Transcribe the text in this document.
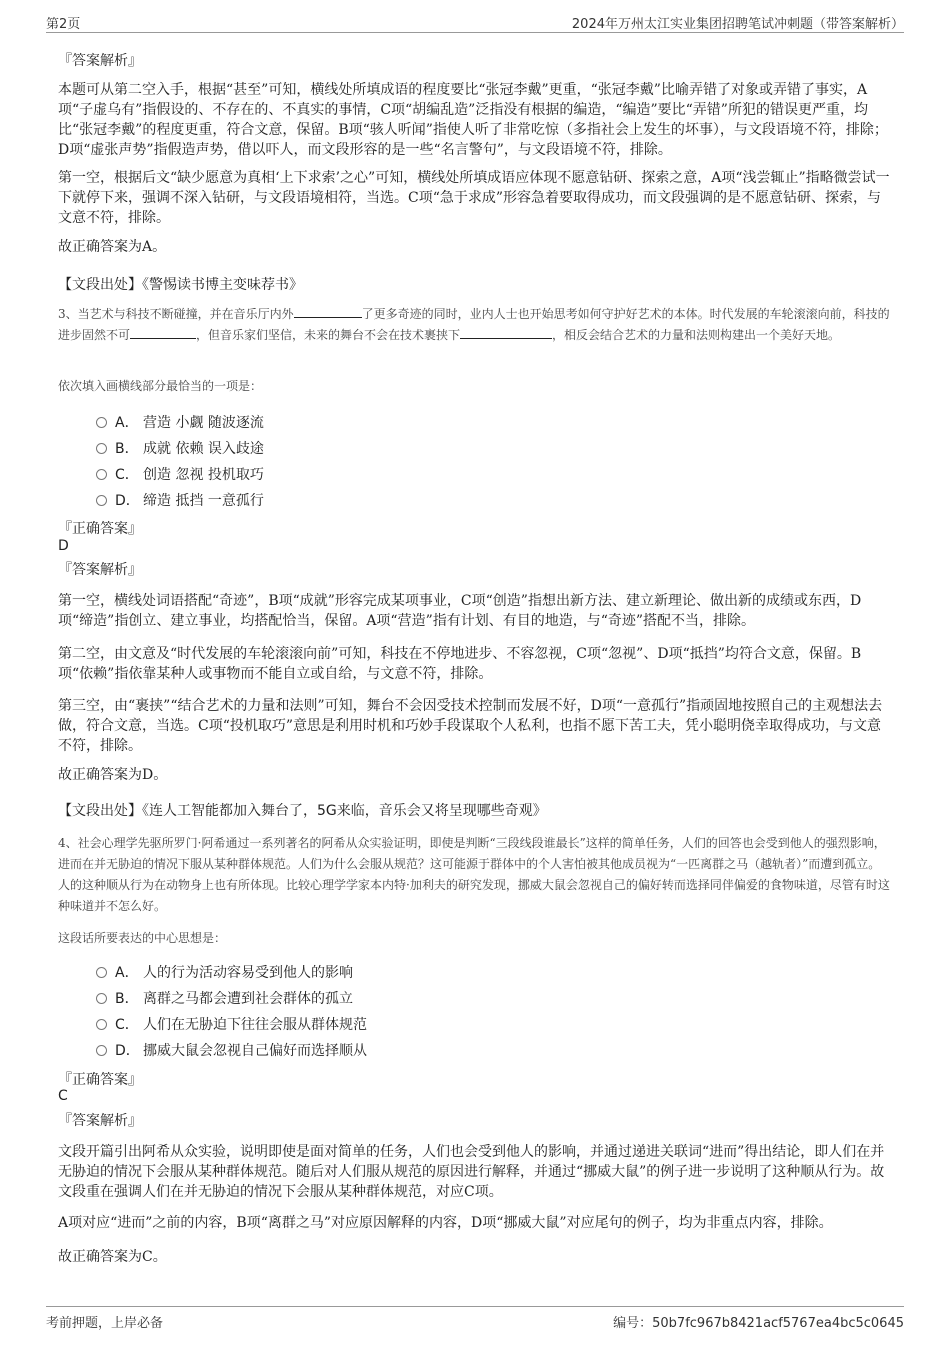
第2页	2024年万州太江实业集团招聘笔试冲刺题（带答案解析）
『答案解析』
本题可从第二空入手，根据“甚至”可知，横线处所填成语的程度要比“张冠李戴”更重，“张冠李戴”比喻弄错了对象或弄错了事实，A项“子虚乌有”指假设的、不存在的、不真实的事情，C项“胡编乱造”泛指没有根据的编造，“编造”要比“弄错”所犯的错误更严重，均比“张冠李戴”的程度更重，符合文意，保留。B项“骇人听闻”指使人听了非常吃惊（多指社会上发生的坏事），与文段语境不符，排除；D项“虚张声势”指假造声势，借以吓人，而文段形容的是一些“名言警句”，与文段语境不符，排除。
第一空，根据后文“缺少愿意为真相‘上下求索’之心”可知，横线处所填成语应体现不愿意钻研、探索之意，A项“浅尝辄止”指略微尝试一下就停下来，强调不深入钻研，与文段语境相符，当选。C项“急于求成”形容急着要取得成功，而文段强调的是不愿意钻研、探索，与文意不符，排除。
故正确答案为A。
【文段出处】《警惕读书博主变味荐书》
3、当艺术与科技不断碰撞，并在音乐厅内外	了更多奇迹的同时，业内人士也开始思考如何守护好艺术的本体。时代发展的车轮滚滚向前，科技的进步固然不可	，但音乐家们坚信，未来的舞台不会在技术裹挟下	，相反会结合艺术的力量和法则构建出一个美好天地。
依次填入画横线部分最恰当的一项是：
A． 营造 小觑 随波逐流
B． 成就 依赖 误入歧途
C． 创造 忽视 投机取巧
D． 缔造 抵挡 一意孤行
『正确答案』
D
『答案解析』
第一空，横线处词语搭配“奇迹”，B项“成就”形容完成某项事业，C项“创造”指想出新方法、建立新理论、做出新的成绩或东西，D项“缔造”指创立、建立事业，均搭配恰当，保留。A项“营造”指有计划、有目的地造，与“奇迹”搭配不当，排除。
第二空，由文意及“时代发展的车轮滚滚向前”可知，科技在不停地进步、不容忽视，C项“忽视”、D项“抵挡”均符合文意，保留。B项“依赖”指依靠某种人或事物而不能自立或自给，与文意不符，排除。
第三空，由“裹挟”“结合艺术的力量和法则”可知，舞台不会因受技术控制而发展不好，D项“一意孤行”指顽固地按照自己的主观想法去做，符合文意，当选。C项“投机取巧”意思是利用时机和巧妙手段谋取个人私利，也指不愿下苦工夫，凭小聪明侥幸取得成功，与文意不符，排除。
故正确答案为D。
【文段出处】《连人工智能都加入舞台了，5G来临，音乐会又将呈现哪些奇观》
4、社会心理学先驱所罗门·阿希通过一系列著名的阿希从众实验证明，即使是判断“三段线段谁最长”这样的简单任务，人们的回答也会受到他人的强烈影响，进而在并无胁迫的情况下服从某种群体规范。人们为什么会服从规范？这可能源于群体中的个人害怕被其他成员视为“一匹离群之马（越轨者）”而遭到孤立。人的这种顺从行为在动物身上也有所体现。比较心理学学家本内特·加利夫的研究发现，挪威大鼠会忽视自己的偏好转而选择同伴偏爱的食物味道，尽管有时这种味道并不怎么好。
这段话所要表达的中心思想是：
A． 人的行为活动容易受到他人的影响
B． 离群之马都会遭到社会群体的孤立
C． 人们在无胁迫下往往会服从群体规范
D． 挪威大鼠会忽视自己偏好而选择顺从
『正确答案』
C
『答案解析』
文段开篇引出阿希从众实验，说明即使是面对简单的任务，人们也会受到他人的影响，并通过递进关联词“进而”得出结论，即人们在并无胁迫的情况下会服从某种群体规范。随后对人们服从规范的原因进行解释，并通过“挪威大鼠”的例子进一步说明了这种顺从行为。故文段重在强调人们在并无胁迫的情况下会服从某种群体规范，对应C项。
A项对应“进而”之前的内容，B项“离群之马”对应原因解释的内容，D项“挪威大鼠”对应尾句的例子，均为非重点内容，排除。
故正确答案为C。
考前押题，上岸必备	编号：50b7fc967b8421acf5767ea4bc5c0645
